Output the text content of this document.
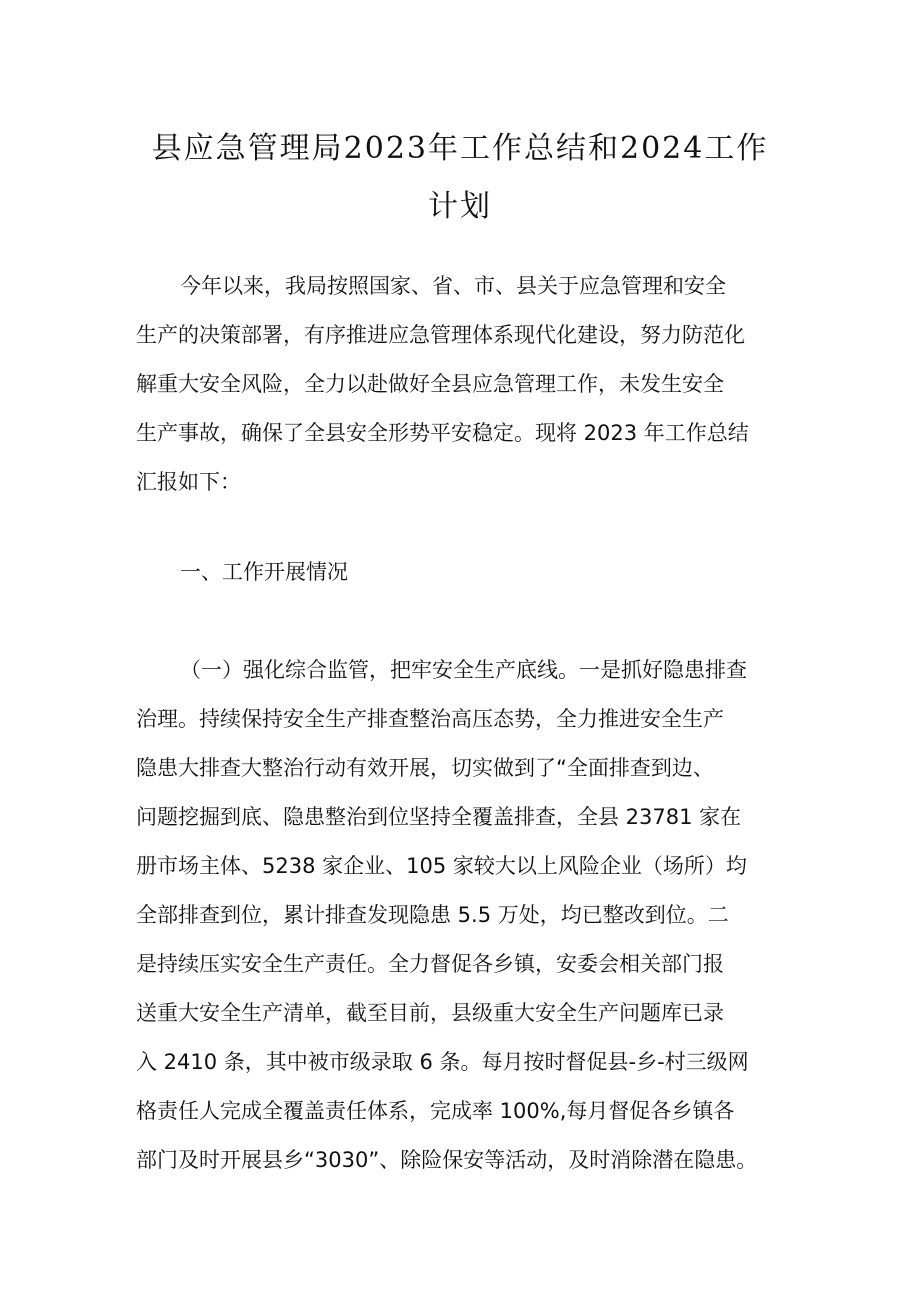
县应急管理局2023年工作总结和2024工作
计划
今年以来，我局按照国家、省、市、县关于应急管理和安全
生产的决策部署，有序推进应急管理体系现代化建设，努力防范化
解重大安全风险，全力以赴做好全县应急管理工作，未发生安全
生产事故，确保了全县安全形势平安稳定。现将 2023 年工作总结
汇报如下：
一、工作开展情况
（一）强化综合监管，把牢安全生产底线。一是抓好隐患排查
治理。持续保持安全生产排查整治高压态势，全力推进安全生产
隐患大排查大整治行动有效开展，切实做到了“全面排查到边、
问题挖掘到底、隐患整治到位坚持全覆盖排查，全县 23781 家在
册市场主体、5238 家企业、105 家较大以上风险企业（场所）均
全部排查到位，累计排查发现隐患 5.5 万处，均已整改到位。二
是持续压实安全生产责任。全力督促各乡镇，安委会相关部门报
送重大安全生产清单，截至目前，县级重大安全生产问题库已录
入 2410 条，其中被市级录取 6 条。每月按时督促县-乡-村三级网
格责任人完成全覆盖责任体系，完成率 100%,每月督促各乡镇各
部门及时开展县乡“3030”、除险保安等活动，及时消除潜在隐患。
